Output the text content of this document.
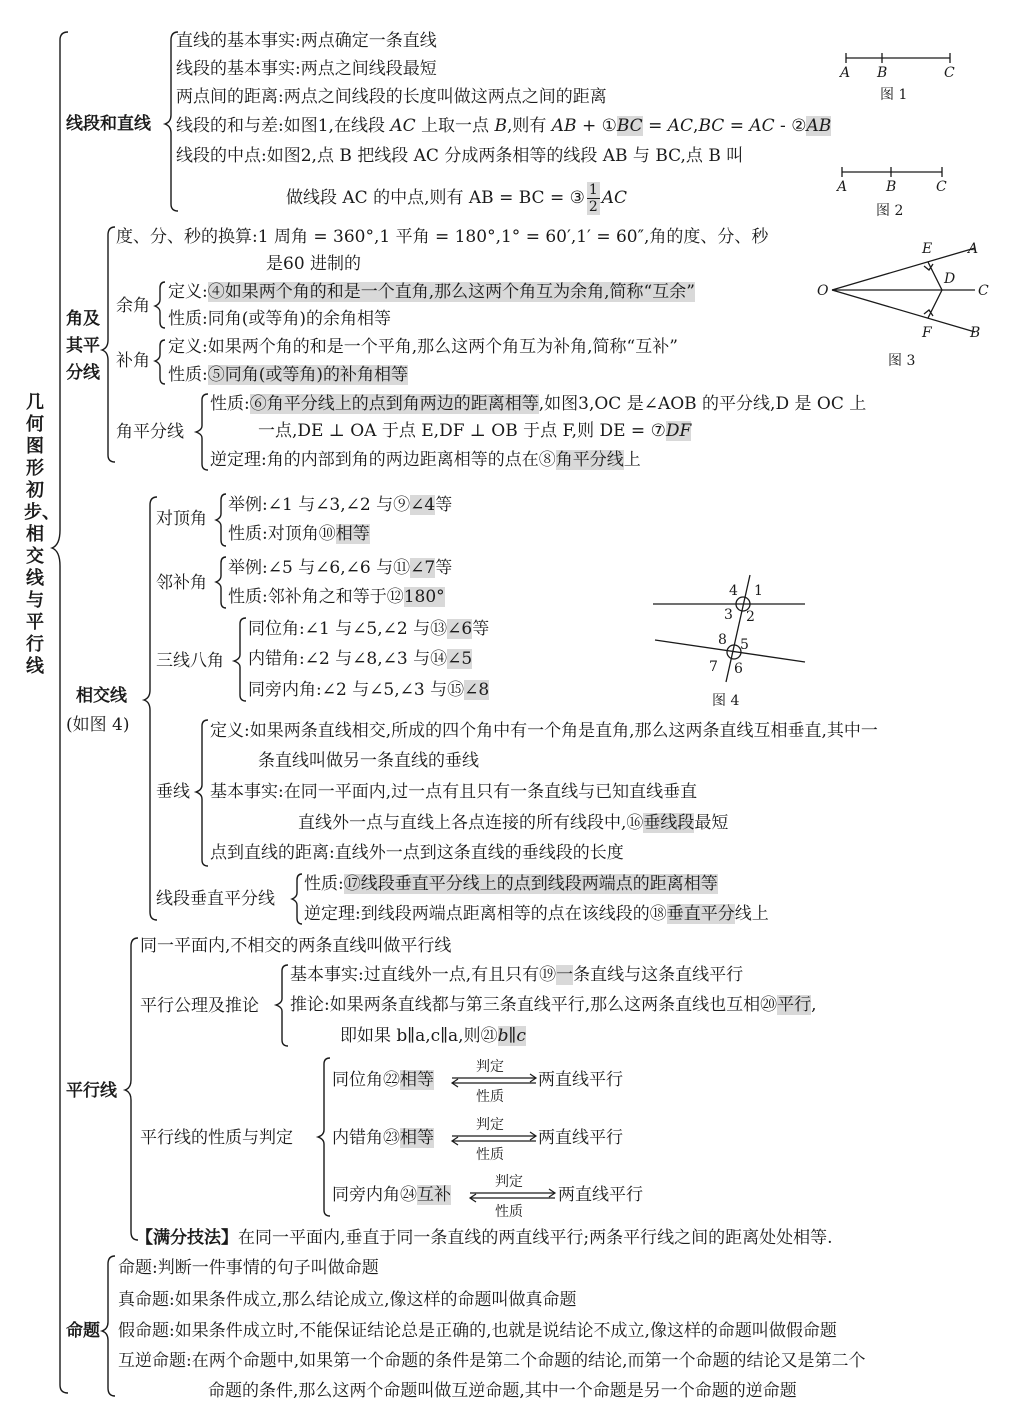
几何图形初步、相交线与平行线
线段和直线
直线的基本事实:两点确定一条直线
线段的基本事实:两点之间线段最短
两点间的距离:两点之间线段的长度叫做这两点之间的距离
线段的和与差:如图1,在线段 AC 上取一点 B,则有 AB + ①BC = AC,BC = AC - ②AB
线段的中点:如图2,点 B 把线段 AC 分成两条相等的线段 AB 与 BC,点 B 叫
做线段 AC 的中点,则有 AB = BC = ③ $\frac{1}{2}$ AC
A B	C
图 1
A	B	C
图 2
角及
其平
分线
度、分、秒的换算:1 周角 = 360°,1 平角 = 180°,1° = 60′,1′ = 60″,角的度、分、秒
是60 进制的
余角
定义:④如果两个角的和是一个直角,那么这两个角互为余角,简称“互余”
性质:同角(或等角)的余角相等
补角
定义:如果两个角的和是一个平角,那么这两个角互为补角,简称“互补”
性质:⑤同角(或等角)的补角相等
角平分线
性质:⑥角平分线上的点到角两边的距离相等,如图3,OC 是∠AOB 的平分线,D 是 OC 上
一点,DE ⊥ OA 于点 E,DF ⊥ OB 于点 F,则 DE = ⑦DF
逆定理:角的内部到角的两边距离相等的点在⑧角平分线上
O
A
C
B
D
E
F
图 3
相交线
(如图 4)
对顶角
举例:∠1 与∠3,∠2 与⑨∠4等
性质:对顶角⑩相等
邻补角
举例:∠5 与∠6,∠6 与⑪∠7等
性质:邻补角之和等于⑫180°
三线八角
同位角:∠1 与∠5,∠2 与⑬∠6等
内错角:∠2 与∠8,∠3 与⑭∠5
同旁内角:∠2 与∠5,∠3 与⑮∠8
垂线
定义:如果两条直线相交,所成的四个角中有一个角是直角,那么这两条直线互相垂直,其中一
条直线叫做另一条直线的垂线
基本事实:在同一平面内,过一点有且只有一条直线与已知直线垂直
直线外一点与直线上各点连接的所有线段中,⑯垂线段最短
点到直线的距离:直线外一点到这条直线的垂线段的长度
线段垂直平分线
性质:⑰线段垂直平分线上的点到线段两端点的距离相等
逆定理:到线段两端点距离相等的点在该线段的⑱垂直平分线上
4 1
3 2
8 5
7 6
图 4
平行线
同一平面内,不相交的两条直线叫做平行线
平行公理及推论
基本事实:过直线外一点,有且只有⑲一条直线与这条直线平行
推论:如果两条直线都与第三条直线平行,那么这两条直线也互相⑳平行,
即如果 b∥a,c∥a,则㉑b∥c
平行线的性质与判定
同位角㉒相等
判定
性质
两直线平行
内错角㉓相等
判定
性质
两直线平行
同旁内角㉔互补
判定
性质
两直线平行
【满分技法】在同一平面内,垂直于同一条直线的两直线平行;两条平行线之间的距离处处相等.
命题
命题:判断一件事情的句子叫做命题
真命题:如果条件成立,那么结论成立,像这样的命题叫做真命题
假命题:如果条件成立时,不能保证结论总是正确的,也就是说结论不成立,像这样的命题叫做假命题
互逆命题:在两个命题中,如果第一个命题的条件是第二个命题的结论,而第一个命题的结论又是第二个
命题的条件,那么这两个命题叫做互逆命题,其中一个命题是另一个命题的逆命题
